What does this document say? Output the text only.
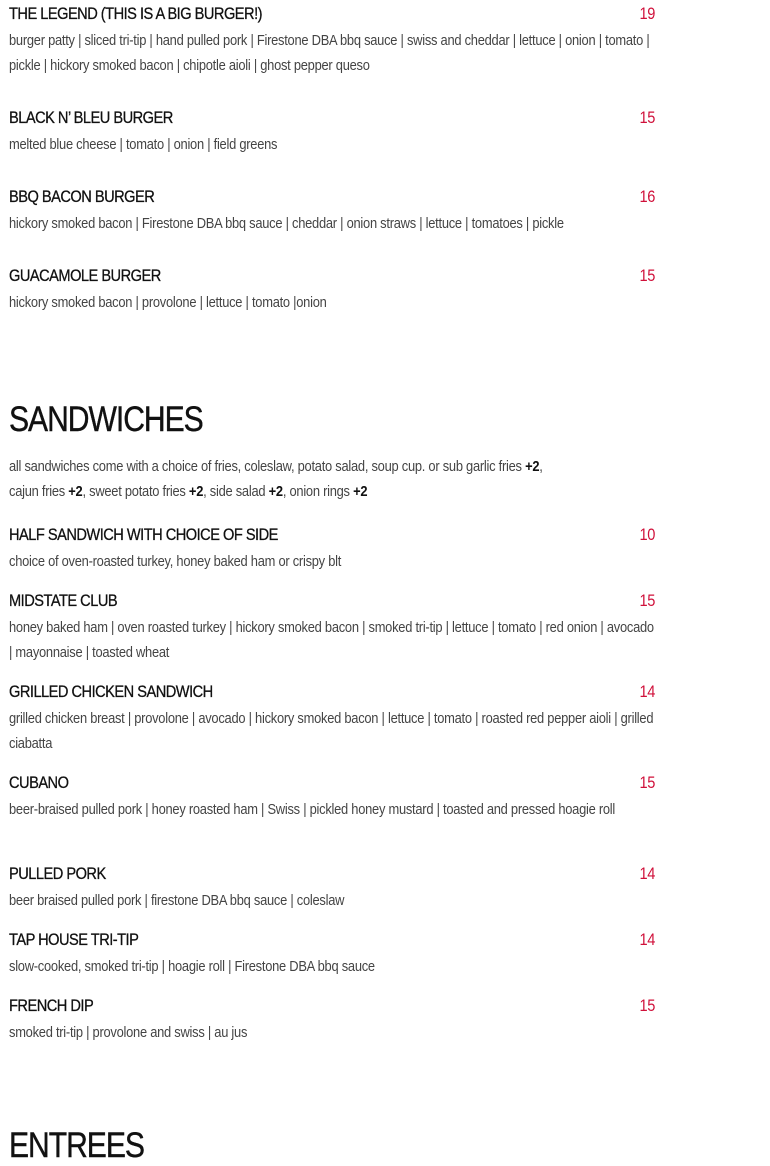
THE LEGEND (THIS IS A BIG BURGER!)	19
burger patty | sliced tri-tip | hand pulled pork | Firestone DBA bbq sauce | swiss and cheddar | lettuce | onion | tomato | pickle | hickory smoked bacon | chipotle aioli | ghost pepper queso
BLACK N’ BLEU BURGER	15
melted blue cheese | tomato | onion | field greens
BBQ BACON BURGER	16
hickory smoked bacon | Firestone DBA bbq sauce | cheddar | onion straws | lettuce | tomatoes | pickle
GUACAMOLE BURGER	15
hickory smoked bacon | provolone | lettuce | tomato |onion
SANDWICHES
all sandwiches come with a choice of fries, coleslaw, potato salad, soup cup. or sub garlic fries +2, cajun fries +2, sweet potato fries +2, side salad +2, onion rings +2
HALF SANDWICH WITH CHOICE OF SIDE	10
choice of oven-roasted turkey, honey baked ham or crispy blt
MIDSTATE CLUB	15
honey baked ham | oven roasted turkey | hickory smoked bacon | smoked tri-tip | lettuce | tomato | red onion | avocado | mayonnaise | toasted wheat
GRILLED CHICKEN SANDWICH	14
grilled chicken breast | provolone | avocado | hickory smoked bacon | lettuce | tomato | roasted red pepper aioli | grilled ciabatta
CUBANO	15
beer-braised pulled pork | honey roasted ham | Swiss | pickled honey mustard | toasted and pressed hoagie roll
PULLED PORK	14
beer braised pulled pork | firestone DBA bbq sauce | coleslaw
TAP HOUSE TRI-TIP	14
slow-cooked, smoked tri-tip | hoagie roll | Firestone DBA bbq sauce
FRENCH DIP	15
smoked tri-tip | provolone and swiss | au jus
ENTREES
